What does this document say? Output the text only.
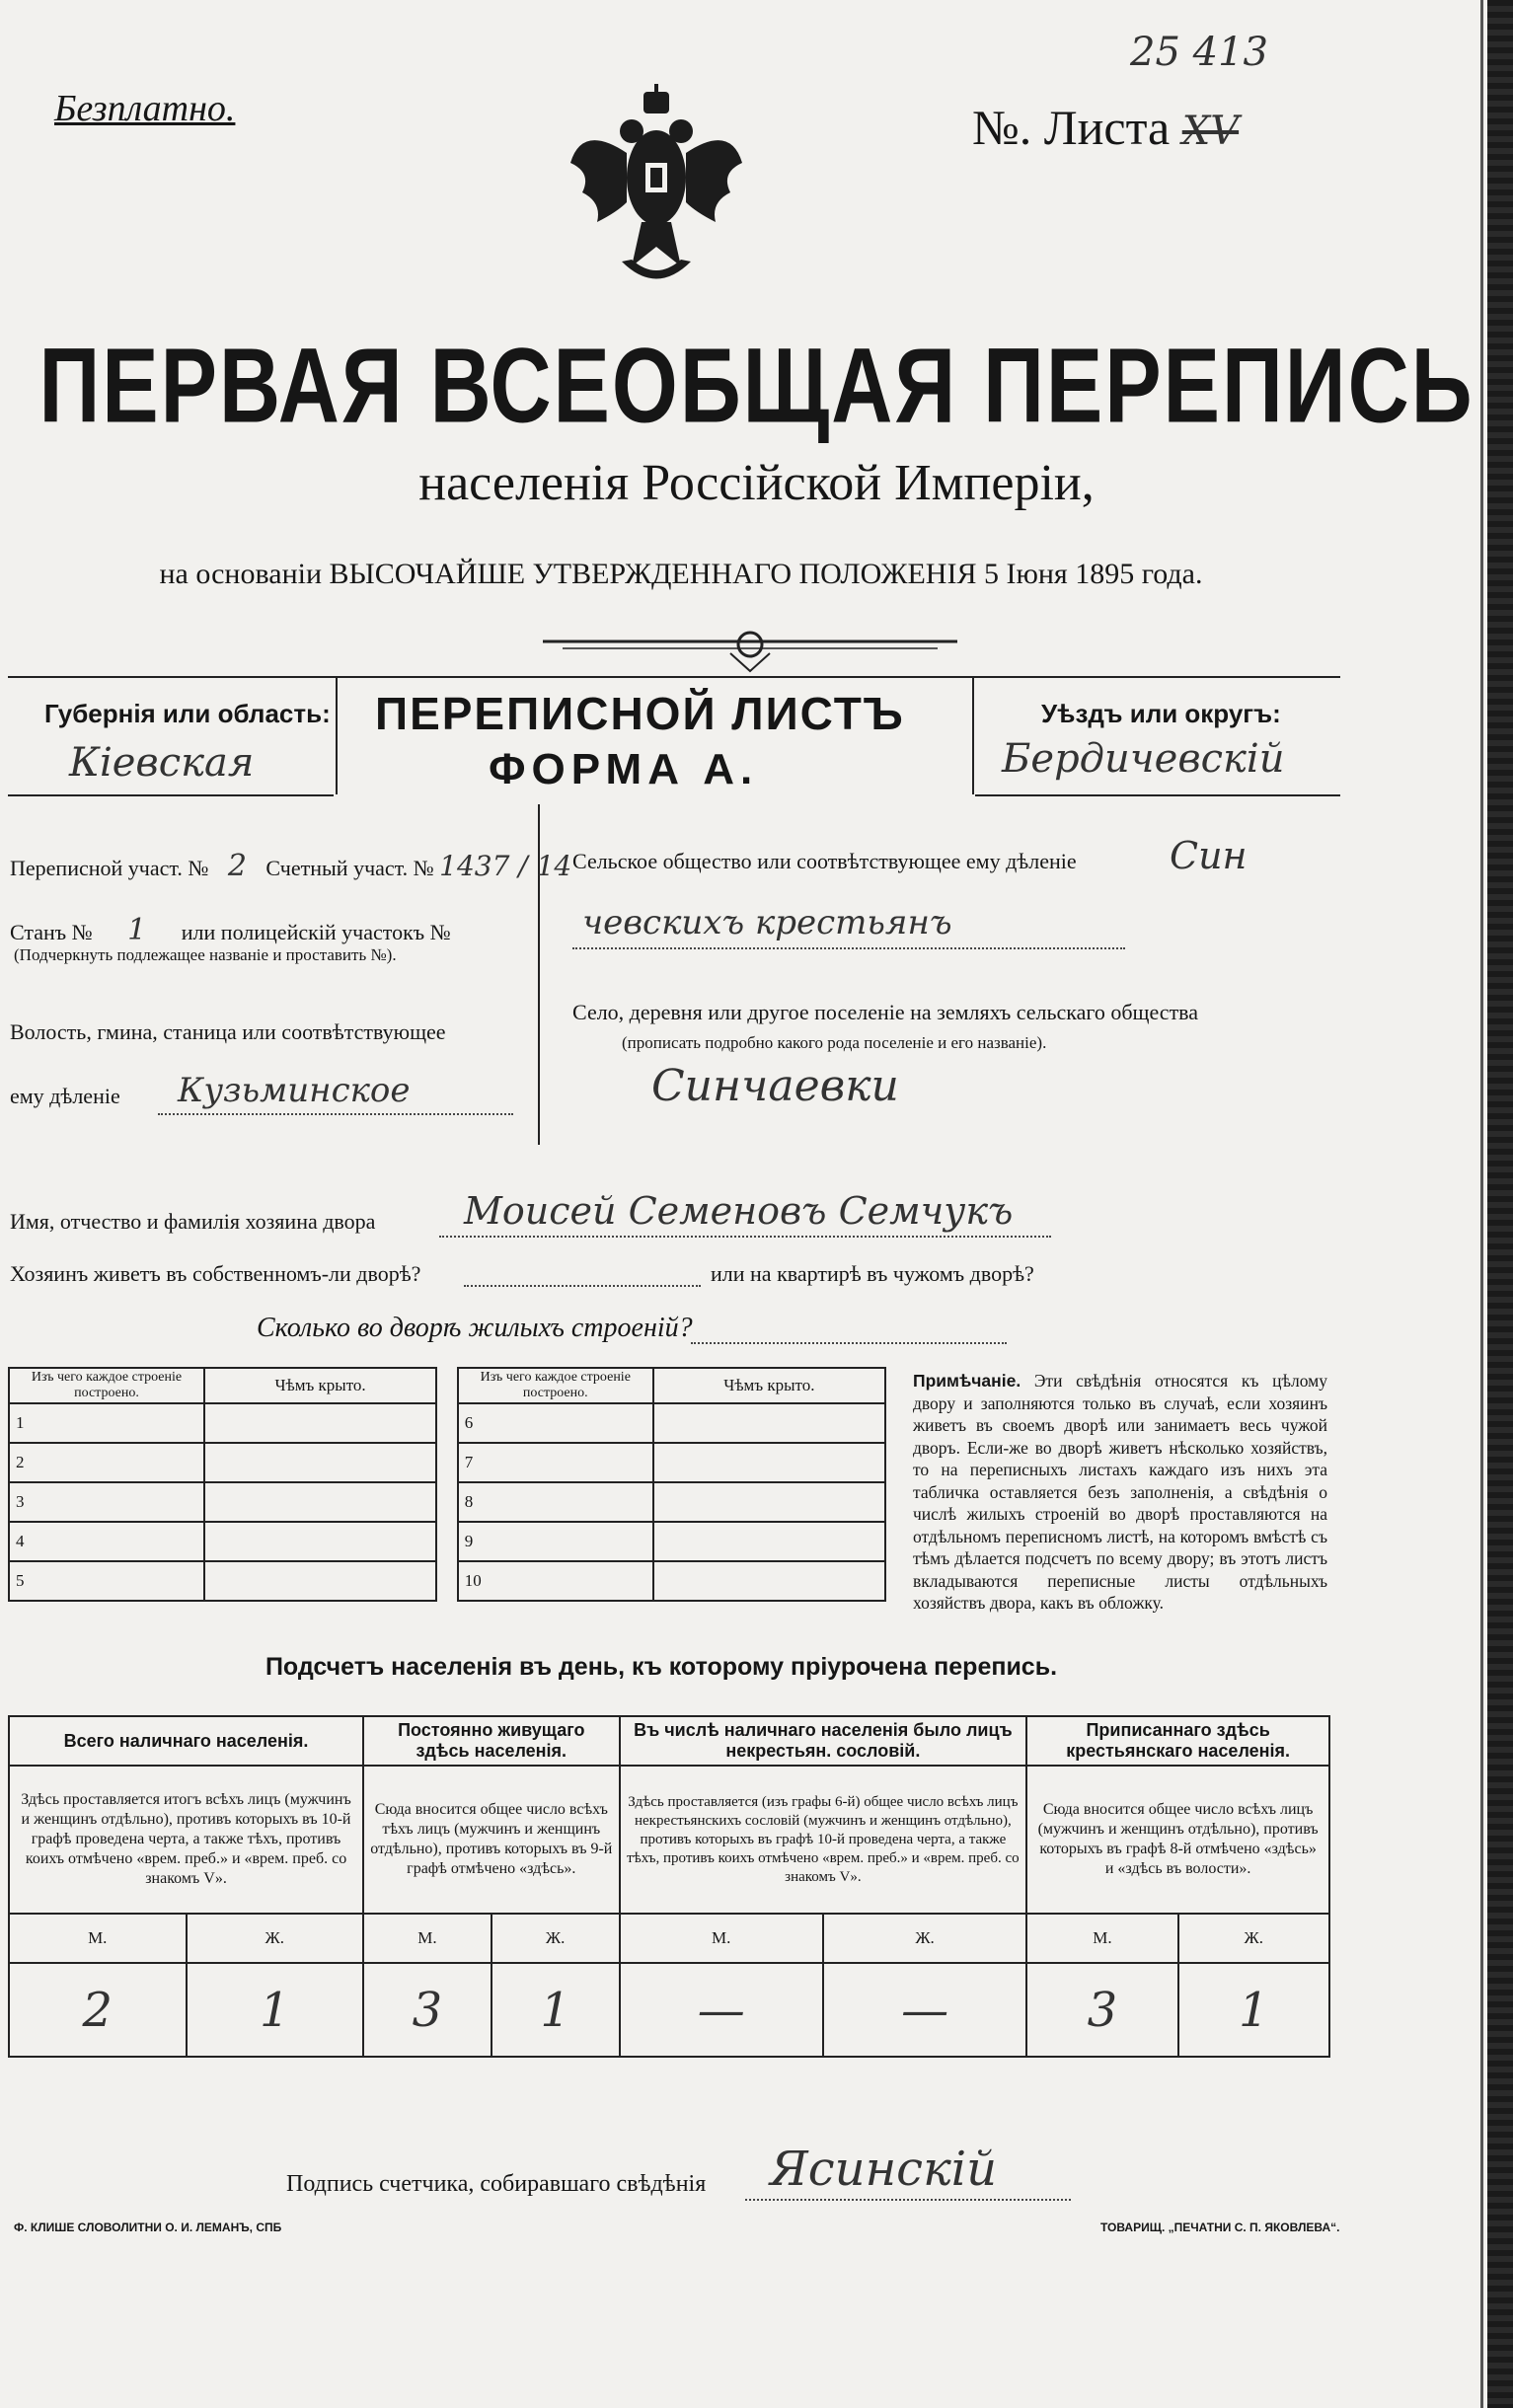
Безплатно.
25 413
№. Листа XV
ПЕРВАЯ ВСЕОБЩАЯ ПЕРЕПИСЬ
населенія Россійской Имперіи,
на основаніи ВЫСОЧАЙШЕ УТВЕРЖДЕННАГО ПОЛОЖЕНІЯ 5 Іюня 1895 года.
Губернія или область:
Кіевская
ПЕРЕПИСНОЙ ЛИСТЪ
ФОРМА А.
Уѣздъ или округъ:
Бердичевскій
Переписной участ. № 2 Счетный участ. № 1437 / 14
Станъ № 1 или полицейскій участокъ №
(Подчеркнуть подлежащее названіе и проставить №).
Волость, гмина, станица или соотвѣтствующее
ему дѣленіе Кузьминское
Сельское общество или соотвѣтствующее ему дѣленіе Син
чевскихъ крестьянъ
Село, деревня или другое поселеніе на земляхъ сельскаго общества
(прописать подробно какого рода поселеніе и его названіе).
Синчаевки
Имя, отчество и фамилія хозяина двора Моисей Семеновъ Семчукъ
Хозяинъ живетъ въ собственномъ-ли дворѣ?	или на квартирѣ въ чужомъ дворѣ?
Сколько во дворѣ жилыхъ строеній?
Изъ чего каждое строеніе построено.	Чѣмъ крыто.		Изъ чего каждое строеніе построено.	Чѣмъ крыто.
1			6	
2			7	
3			8	
4			9	
5			10	
Примѣчаніе. Эти свѣдѣнія относятся къ цѣлому двору и заполняются только въ случаѣ, если хозяинъ живетъ въ своемъ дворѣ или занимаетъ весь чужой дворъ. Если-же во дворѣ живетъ нѣсколько хозяйствъ, то на переписныхъ листахъ каждаго изъ нихъ эта табличка оставляется безъ заполненія, а свѣдѣнія о числѣ жилыхъ строеній во дворѣ проставляются на отдѣльномъ переписномъ листѣ, на которомъ вмѣстѣ съ тѣмъ дѣлается подсчетъ по всему двору; въ этотъ листъ вкладываются переписные листы отдѣльныхъ хозяйствъ двора, какъ въ обложку.
Подсчетъ населенія въ день, къ которому пріурочена перепись.
Всего наличнаго населенія.		Постоянно живущаго здѣсь населенія.		Въ числѣ наличнаго населенія было лицъ некрестьян. сословій.		Приписаннаго здѣсь крестьянскаго населенія.	
Здѣсь проставляется итогъ всѣхъ лицъ (мужчинъ и женщинъ отдѣльно), противъ которыхъ въ 10-й графѣ проведена черта, а также тѣхъ, противъ коихъ отмѣчено «врем. преб.» и «врем. преб. со знакомъ V».		Сюда вносится общее число всѣхъ тѣхъ лицъ (мужчинъ и женщинъ отдѣльно), противъ которыхъ въ 9-й графѣ отмѣчено «здѣсь».		Здѣсь проставляется (изъ графы 6-й) общее число всѣхъ лицъ некрестьянскихъ сословій (мужчинъ и женщинъ отдѣльно), противъ которыхъ въ графѣ 10-й проведена черта, а также тѣхъ, противъ коихъ отмѣчено «врем. преб.» и «врем. преб. со знакомъ V».		Сюда вносится общее число всѣхъ лицъ (мужчинъ и женщинъ отдѣльно), противъ которыхъ въ графѣ 8-й отмѣчено «здѣсь» и «здѣсь въ волости».	
М.	Ж.	М.	Ж.	М.	Ж.	М.	Ж.
2	1	3	1	—	—	3	1
Подпись счетчика, собиравшаго свѣдѣнія Ясинскій
Ф. КЛИШЕ СЛОВОЛИТНИ О. И. ЛЕМАНЪ, СПБ	ТОВАРИЩ. „ПЕЧАТНИ С. П. ЯКОВЛЕВА“.
